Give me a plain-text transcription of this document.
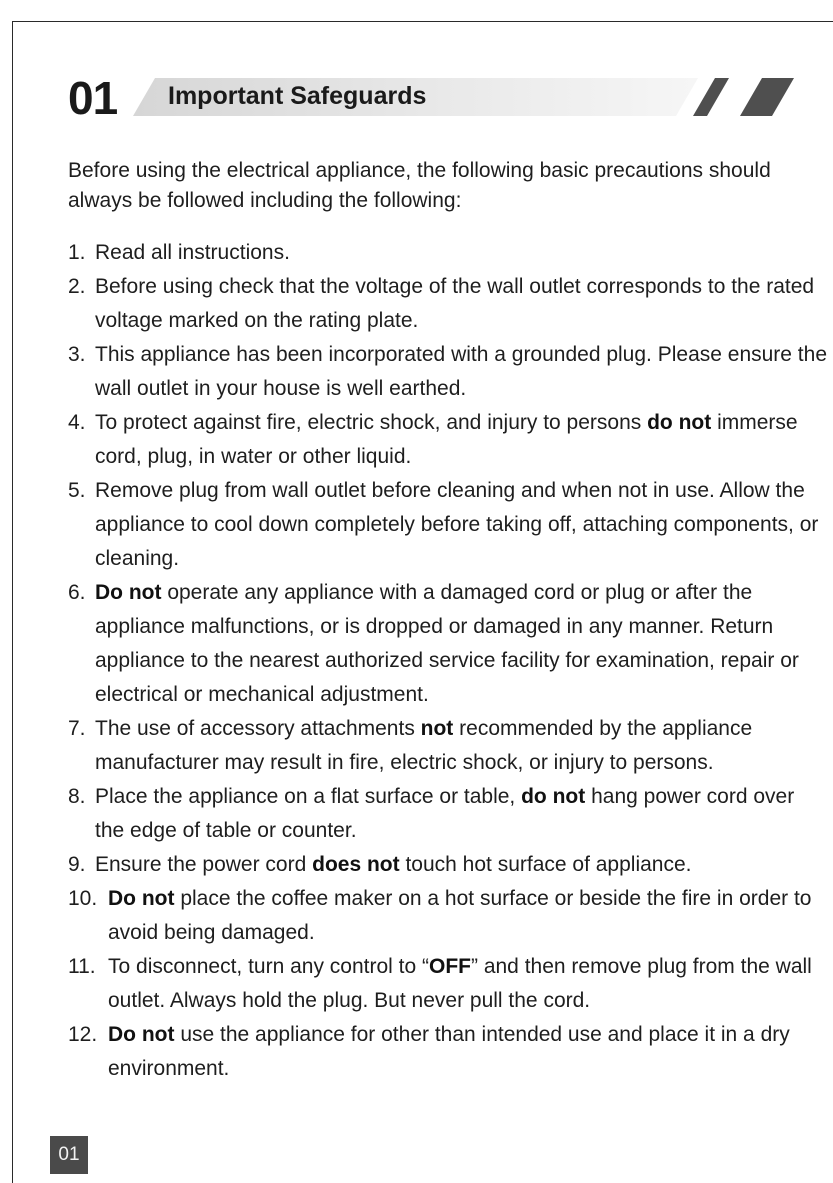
01 Important Safeguards

Before using the electrical appliance, the following basic precautions should always be followed including the following:

1. Read all instructions.
2. Before using check that the voltage of the wall outlet corresponds to the rated voltage marked on the rating plate.
3. This appliance has been incorporated with a grounded plug. Please ensure the wall outlet in your house is well earthed.
4. To protect against fire, electric shock, and injury to persons do not immerse cord, plug, in water or other liquid.
5. Remove plug from wall outlet before cleaning and when not in use. Allow the appliance to cool down completely before taking off, attaching components, or cleaning.
6. Do not operate any appliance with a damaged cord or plug or after the appliance malfunctions, or is dropped or damaged in any manner. Return appliance to the nearest authorized service facility for examination, repair or electrical or mechanical adjustment.
7. The use of accessory attachments not recommended by the appliance manufacturer may result in fire, electric shock, or injury to persons.
8. Place the appliance on a flat surface or table, do not hang power cord over the edge of table or counter.
9. Ensure the power cord does not touch hot surface of appliance.
10. Do not place the coffee maker on a hot surface or beside the fire in order to avoid being damaged.
11. To disconnect, turn any control to “OFF” and then remove plug from the wall outlet. Always hold the plug. But never pull the cord.
12. Do not use the appliance for other than intended use and place it in a dry environment.
01
